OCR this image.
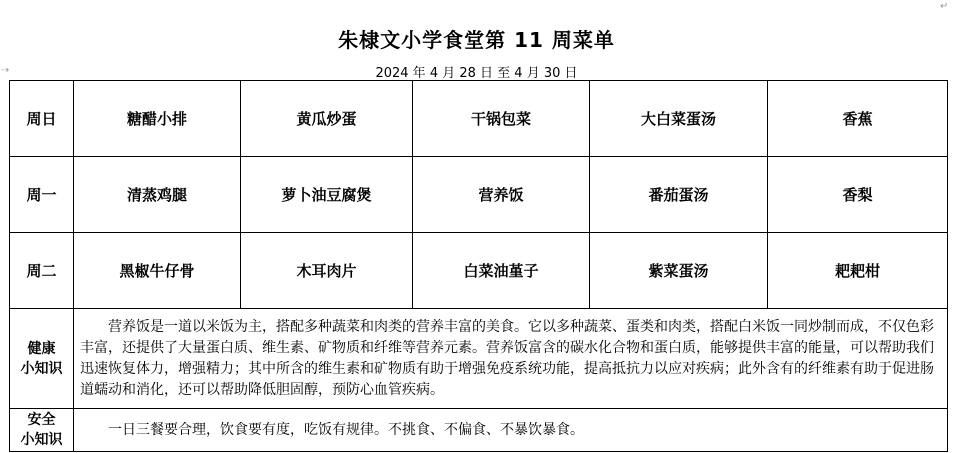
⇢
↵
朱棣文小学食堂第 11 周菜单
2024 年 4 月 28 日 至 4 月 30 日
周日	糖醋小排	黄瓜炒蛋	干锅包菜	大白菜蛋汤	香蕉
周一	清蒸鸡腿	萝卜油豆腐煲	营养饭	番茄蛋汤	香梨
周二	黑椒牛仔骨	木耳肉片	白菜油堇子	紫菜蛋汤	耙耙柑

健康
小知识	营养饭是一道以米饭为主，搭配多种蔬菜和肉类的营养丰富的美食。它以多种蔬菜、蛋类和肉类，搭配白米饭一同炒制而成，不仅色彩丰富，还提供了大量蛋白质、维生素、矿物质和纤维等营养元素。营养饭富含的碳水化合物和蛋白质，能够提供丰富的能量，可以帮助我们迅速恢复体力，增强精力；其中所含的维生素和矿物质有助于增强免疫系统功能，提高抵抗力以应对疾病；此外含有的纤维素有助于促进肠道蠕动和消化，还可以帮助降低胆固醇，预防心血管疾病。				

安全
小知识	一日三餐要合理，饮食要有度，吃饭有规律。不挑食、不偏食、不暴饮暴食。				
